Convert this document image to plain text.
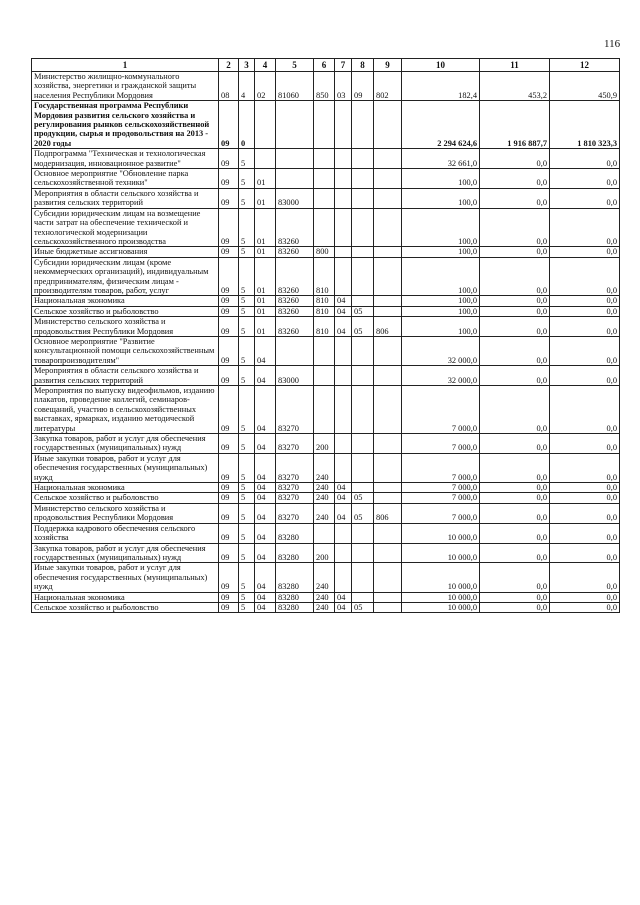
116
1	2	3	4	5	6	7	8	9	10	11	12
Министерство жилищно-коммунального хозяйства, энергетики и гражданской защиты населения Республики Мордовия	08	4	02	81060	850	03	09	802	182,4	453,2	450,9
Государственная программа Республики Мордовия развития сельского хозяйства и регулирования рынков сельскохозяйственной продукции, сырья и продовольствия на 2013 - 2020 годы	09	0							2 294 624,6	1 916 887,7	1 810 323,3
Подпрограмма "Техническая и технологическая модернизация, инновационное развитие"	09	5							32 661,0	0,0	0,0
Основное мероприятие "Обновление парка сельскохозяйственной техники"	09	5	01						100,0	0,0	0,0
Мероприятия в области сельского хозяйства и развития сельских территорий	09	5	01	83000					100,0	0,0	0,0
Субсидии юридическим лицам на возмещение части затрат на обеспечение технической и технологической модернизации сельскохозяйственного производства	09	5	01	83260					100,0	0,0	0,0
Иные бюджетные ассигнования	09	5	01	83260	800				100,0	0,0	0,0
Субсидии юридическим лицам (кроме некоммерческих организаций), индивидуальным предпринимателям, физическим лицам - производителям товаров, работ, услуг	09	5	01	83260	810				100,0	0,0	0,0
Национальная экономика	09	5	01	83260	810	04			100,0	0,0	0,0
Сельское хозяйство и рыболовство	09	5	01	83260	810	04	05		100,0	0,0	0,0
Министерство сельского хозяйства и продовольствия Республики Мордовия	09	5	01	83260	810	04	05	806	100,0	0,0	0,0
Основное мероприятие "Развитие консультационной помощи сельскохозяйственным товаропроизводителям"	09	5	04						32 000,0	0,0	0,0
Мероприятия в области сельского хозяйства и развития сельских территорий	09	5	04	83000					32 000,0	0,0	0,0
Мероприятия по выпуску видеофильмов, изданию плакатов, проведение коллегий, семинаров-совещаний, участию в сельскохозяйственных выставках, ярмарках, изданию методической литературы	09	5	04	83270					7 000,0	0,0	0,0
Закупка товаров, работ и услуг для обеспечения государственных (муниципальных) нужд	09	5	04	83270	200				7 000,0	0,0	0,0
Иные закупки товаров, работ и услуг для обеспечения государственных (муниципальных) нужд	09	5	04	83270	240				7 000,0	0,0	0,0
Национальная экономика	09	5	04	83270	240	04			7 000,0	0,0	0,0
Сельское хозяйство и рыболовство	09	5	04	83270	240	04	05		7 000,0	0,0	0,0
Министерство сельского хозяйства и продовольствия Республики Мордовия	09	5	04	83270	240	04	05	806	7 000,0	0,0	0,0
Поддержка кадрового обеспечения сельского хозяйства	09	5	04	83280					10 000,0	0,0	0,0
Закупка товаров, работ и услуг для обеспечения государственных (муниципальных) нужд	09	5	04	83280	200				10 000,0	0,0	0,0
Иные закупки товаров, работ и услуг для обеспечения государственных (муниципальных) нужд	09	5	04	83280	240				10 000,0	0,0	0,0
Национальная экономика	09	5	04	83280	240	04			10 000,0	0,0	0,0
Сельское хозяйство и рыболовство	09	5	04	83280	240	04	05		10 000,0	0,0	0,0
